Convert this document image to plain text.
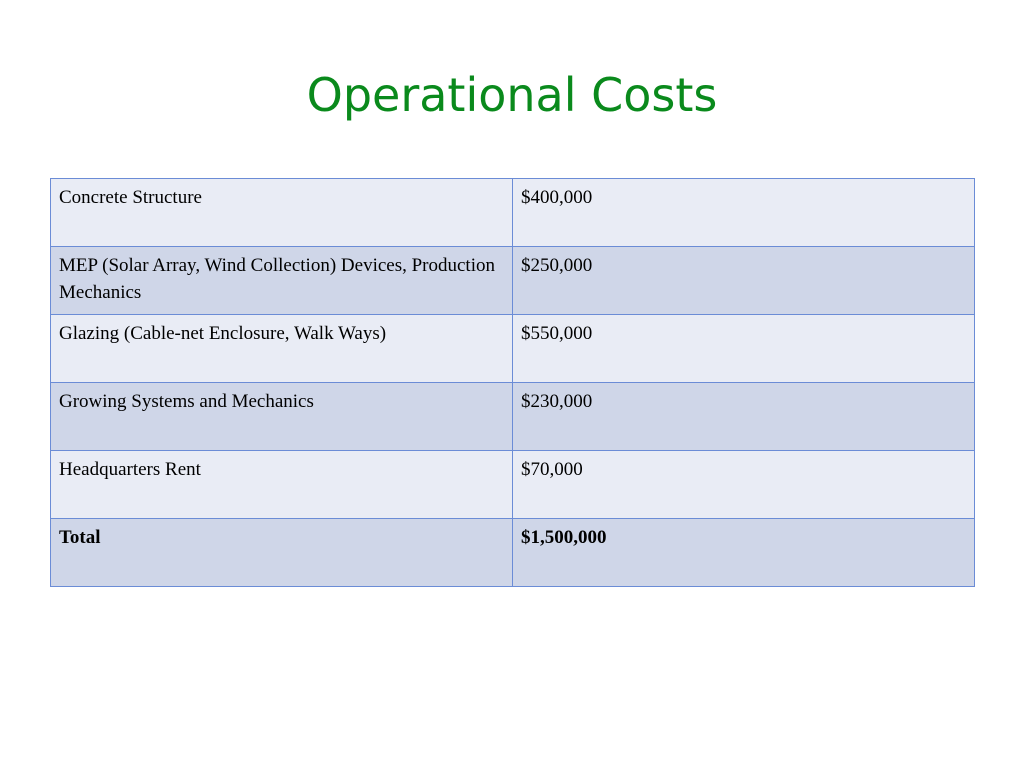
Operational Costs
Concrete Structure	$400,000
MEP (Solar Array, Wind Collection) Devices, Production Mechanics	$250,000
Glazing (Cable-net Enclosure, Walk Ways)	$550,000
Growing Systems and Mechanics	$230,000
Headquarters Rent	$70,000
Total	$1,500,000
